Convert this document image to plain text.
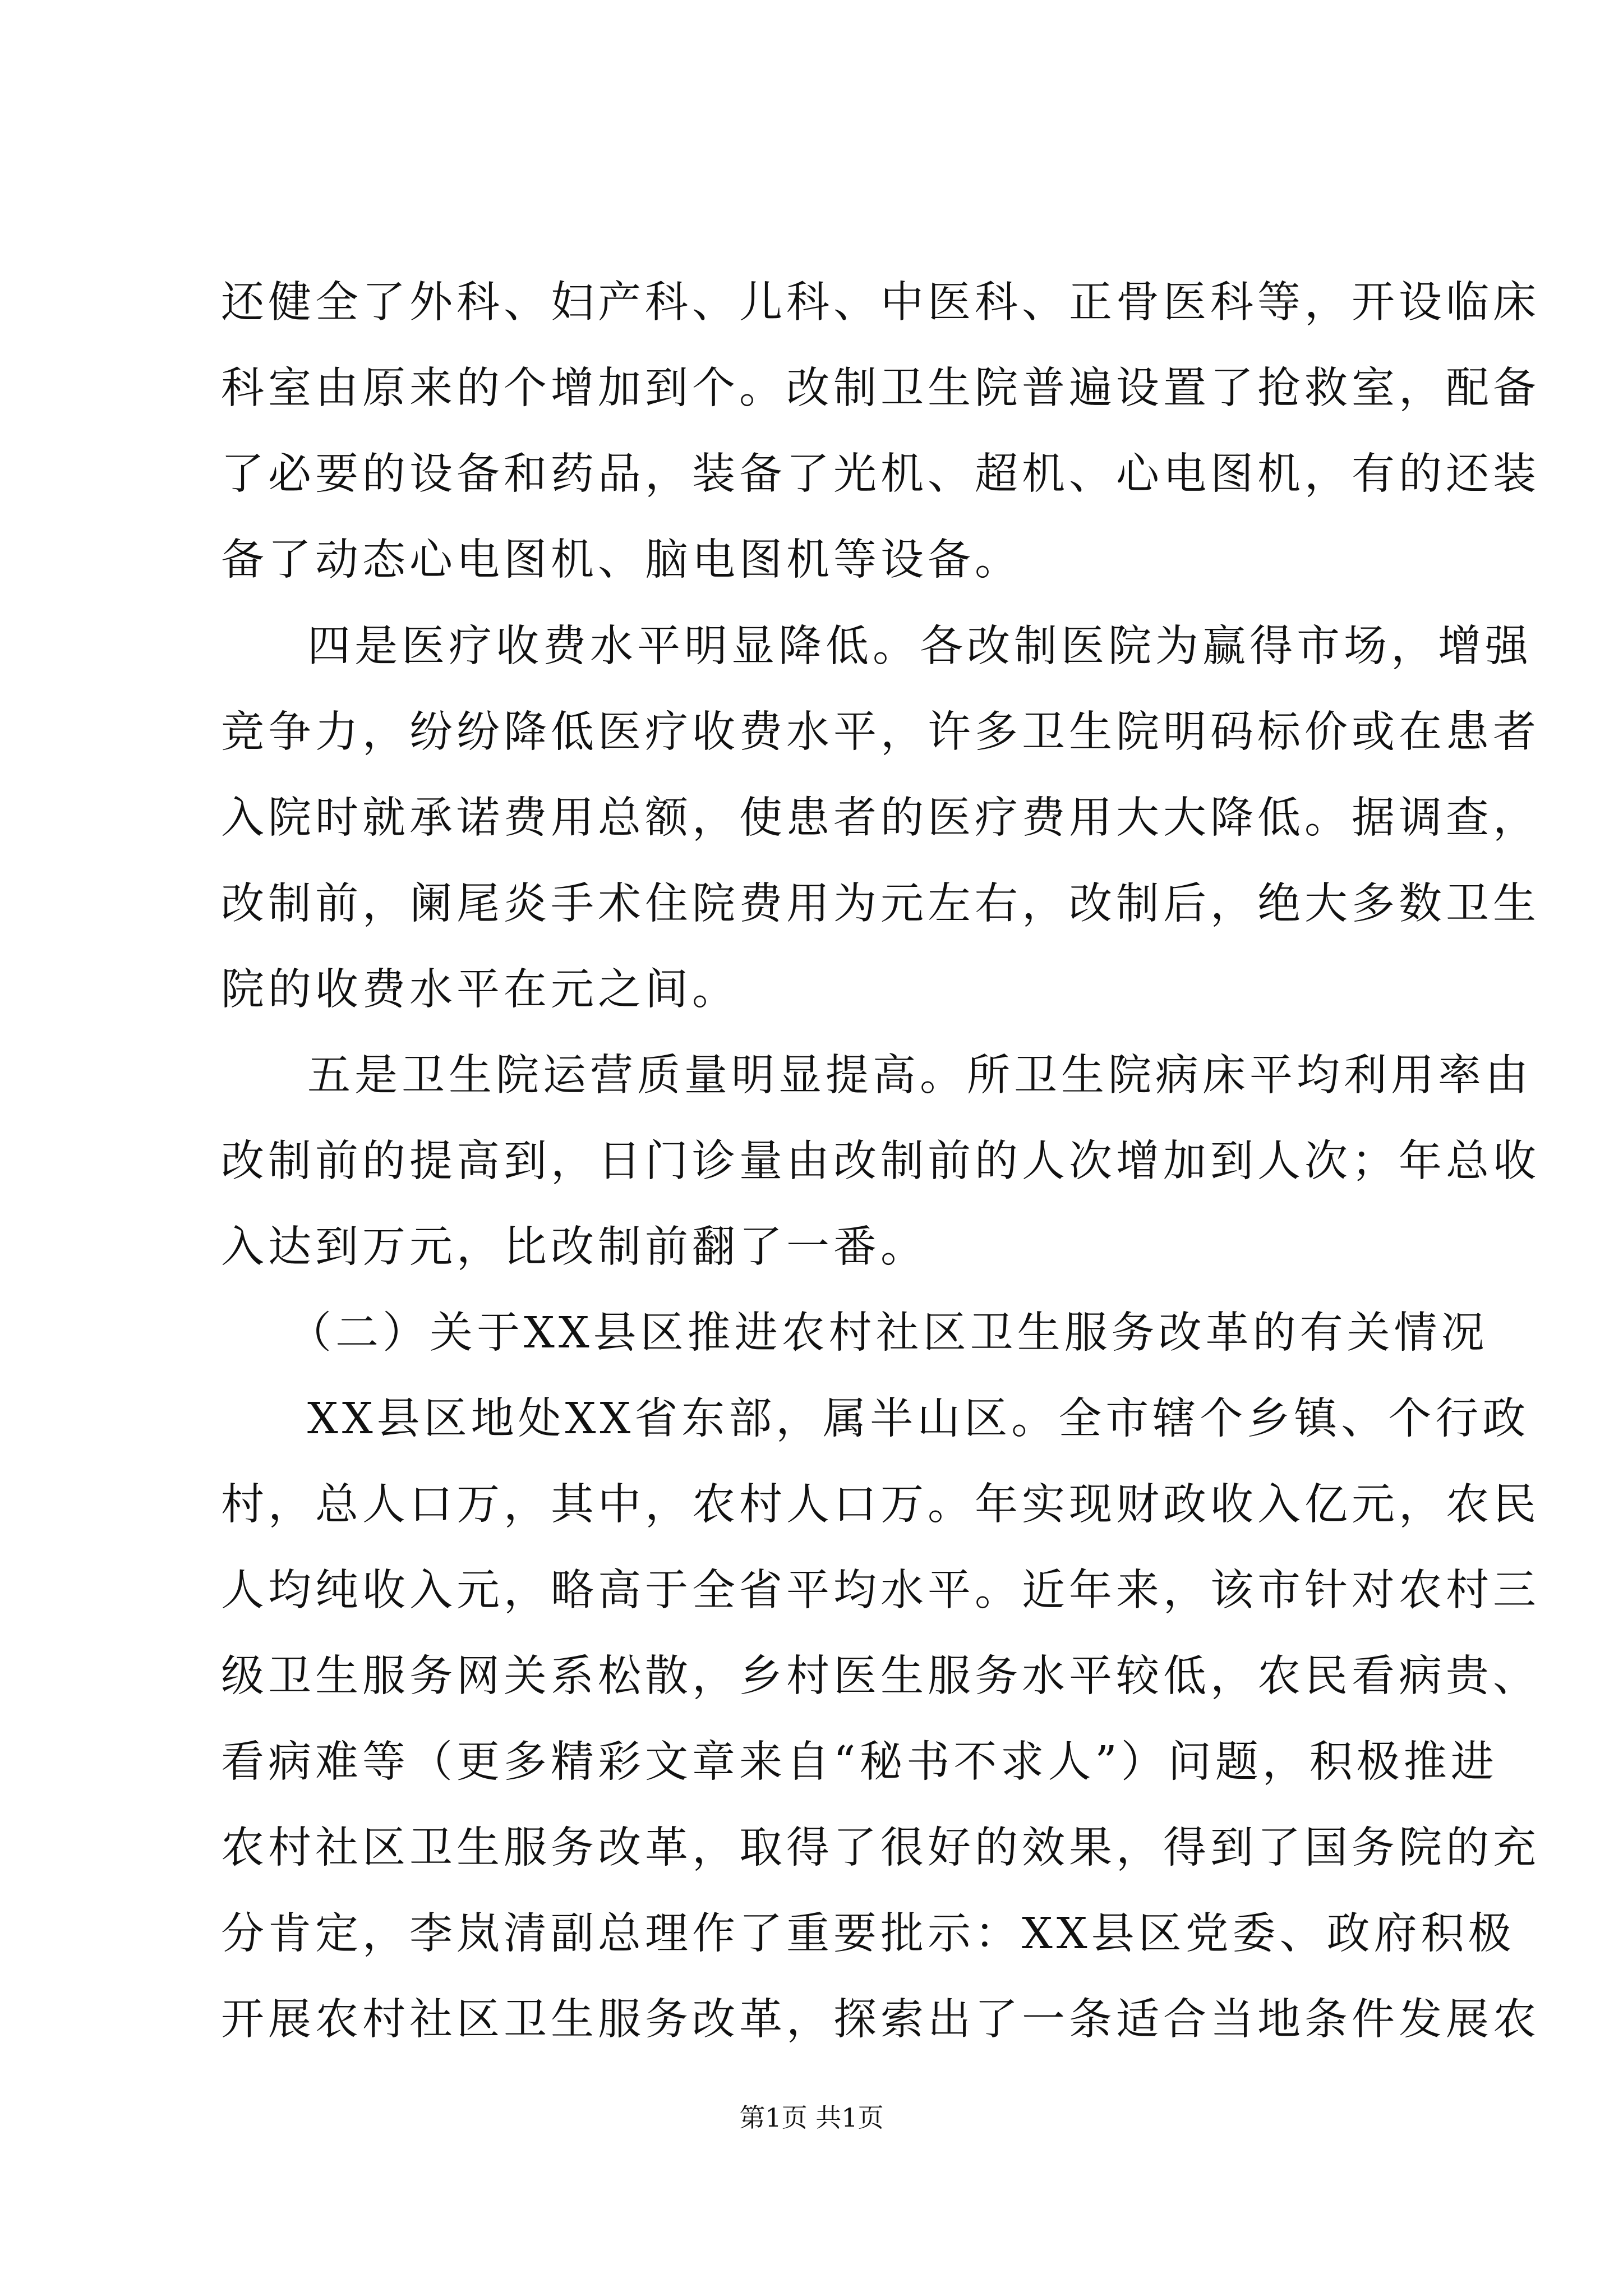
还健全了外科、妇产科、儿科、中医科、正骨医科等，开设临床
科室由原来的个增加到个。改制卫生院普遍设置了抢救室，配备
了必要的设备和药品，装备了光机、超机、心电图机，有的还装
备了动态心电图机、脑电图机等设备。
四是医疗收费水平明显降低。各改制医院为赢得市场，增强
竞争力，纷纷降低医疗收费水平，许多卫生院明码标价或在患者
入院时就承诺费用总额，使患者的医疗费用大大降低。据调查，
改制前，阑尾炎手术住院费用为元左右，改制后，绝大多数卫生
院的收费水平在元之间。
五是卫生院运营质量明显提高。所卫生院病床平均利用率由
改制前的提高到，日门诊量由改制前的人次增加到人次；年总收
入达到万元，比改制前翻了一番。
（二）关于XX县区推进农村社区卫生服务改革的有关情况
XX县区地处XX省东部，属半山区。全市辖个乡镇、个行政
村，总人口万，其中，农村人口万。年实现财政收入亿元，农民
人均纯收入元，略高于全省平均水平。近年来，该市针对农村三
级卫生服务网关系松散，乡村医生服务水平较低，农民看病贵、
看病难等（更多精彩文章来自“秘书不求人”）问题，积极推进
农村社区卫生服务改革，取得了很好的效果，得到了国务院的充
分肯定，李岚清副总理作了重要批示：XX县区党委、政府积极
开展农村社区卫生服务改革，探索出了一条适合当地条件发展农
第1页 共1页
